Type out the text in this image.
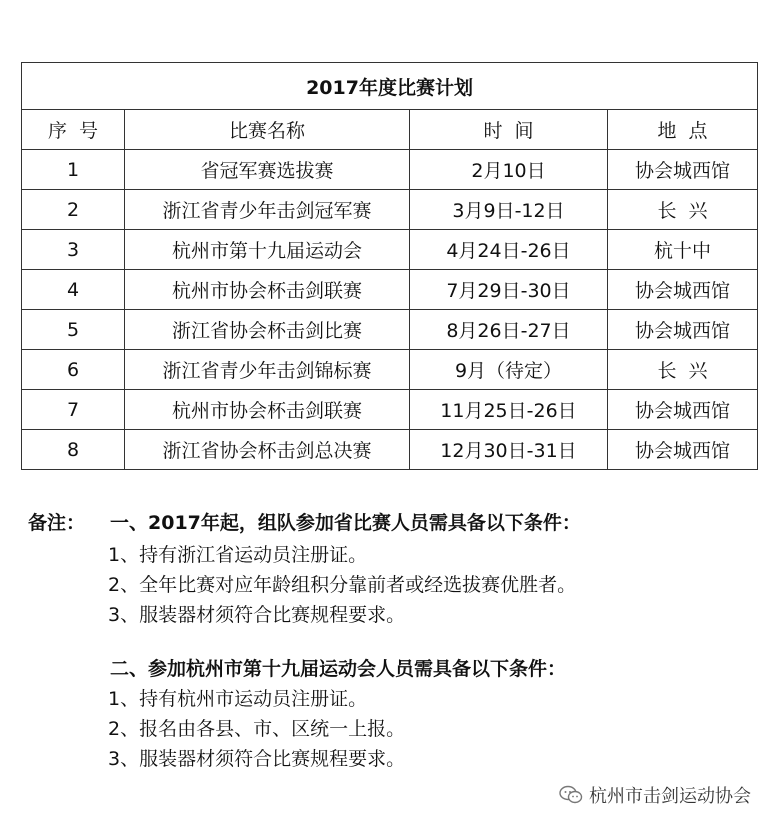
2017年度比赛计划			
序  号	比赛名称	时  间	地  点
1	省冠军赛选拔赛	2月10日	协会城西馆
2	浙江省青少年击剑冠军赛	3月9日-12日	长  兴
3	杭州市第十九届运动会	4月24日-26日	杭十中
4	杭州市协会杯击剑联赛	7月29日-30日	协会城西馆
5	浙江省协会杯击剑比赛	8月26日-27日	协会城西馆
6	浙江省青少年击剑锦标赛	9月（待定）	长  兴
7	杭州市协会杯击剑联赛	11月25日-26日	协会城西馆
8	浙江省协会杯击剑总决赛	12月30日-31日	协会城西馆
备注： 一、2017年起，组队参加省比赛人员需具备以下条件：
1、持有浙江省运动员注册证。
2、全年比赛对应年龄组积分靠前者或经选拔赛优胜者。
3、服装器材须符合比赛规程要求。
二、参加杭州市第十九届运动会人员需具备以下条件：
1、持有杭州市运动员注册证。
2、报名由各县、市、区统一上报。
3、服装器材须符合比赛规程要求。
杭州市击剑运动协会
